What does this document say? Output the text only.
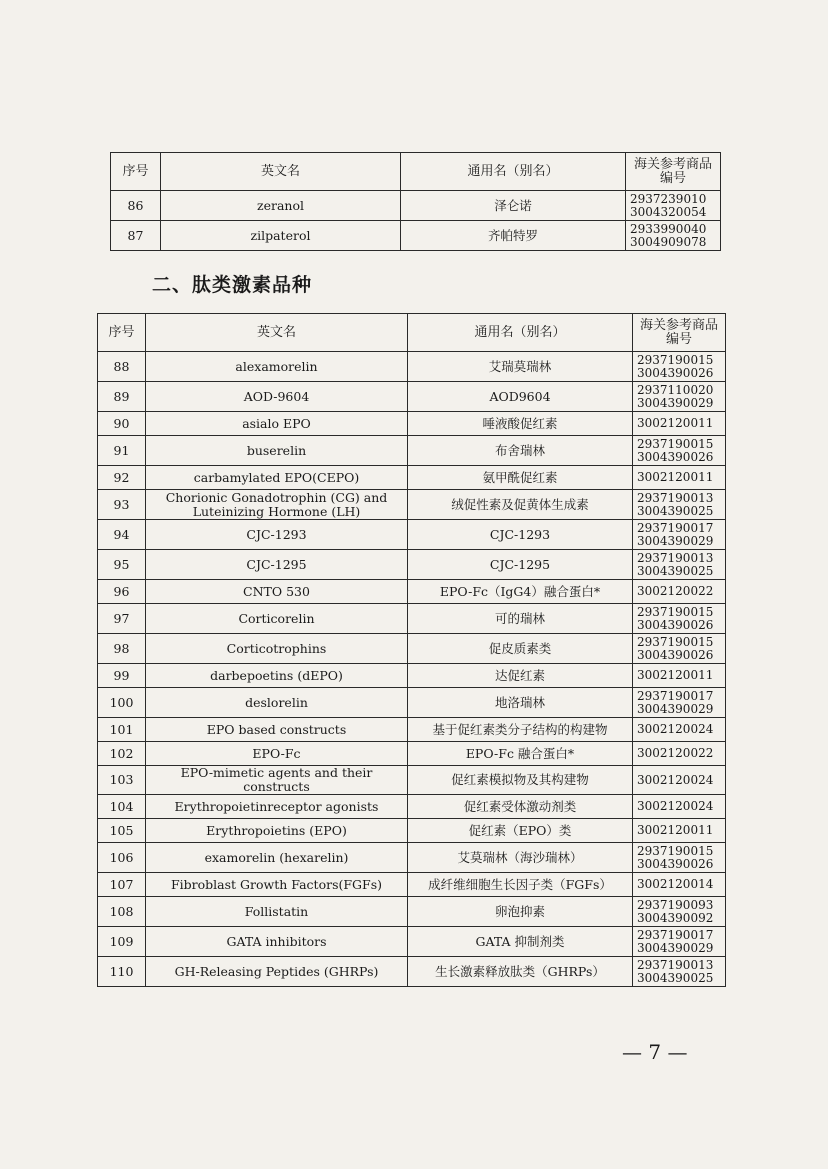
序号	英文名	通用名（别名）	海关参考商品编号
86	zeranol	泽仑诺	2937239010
3004320054

87	zilpaterol	齐帕特罗	2933990040
3004909078
二、肽类激素品种
序号	英文名	通用名（别名）	海关参考商品编号
88	alexamorelin	艾瑞莫瑞林	2937190015
3004390026

89	AOD-9604	AOD9604	2937110020
3004390029

90	asialo EPO	唾液酸促红素	3002120011

91	buserelin	布舍瑞林	2937190015
3004390026

92	carbamylated EPO(CEPO)	氨甲酰促红素	3002120011

93	Chorionic Gonadotrophin (CG) and Luteinizing Hormone (LH)	绒促性素及促黄体生成素	2937190013
3004390025

94	CJC-1293	CJC-1293	2937190017
3004390029

95	CJC-1295	CJC-1295	2937190013
3004390025

96	CNTO 530	EPO-Fc（IgG4）融合蛋白*	3002120022

97	Corticorelin	可的瑞林	2937190015
3004390026

98	Corticotrophins	促皮质素类	2937190015
3004390026

99	darbepoetins (dEPO)	达促红素	3002120011

100	deslorelin	地洛瑞林	2937190017
3004390029

101	EPO based constructs	基于促红素类分子结构的构建物	3002120024

102	EPO-Fc	EPO-Fc 融合蛋白*	3002120022

103	EPO-mimetic agents and their constructs	促红素模拟物及其构建物	3002120024

104	Erythropoietinreceptor agonists	促红素受体激动剂类	3002120024

105	Erythropoietins (EPO)	促红素（EPO）类	3002120011

106	examorelin (hexarelin)	艾莫瑞林（海沙瑞林）	2937190015
3004390026

107	Fibroblast Growth Factors(FGFs)	成纤维细胞生长因子类（FGFs）	3002120014

108	Follistatin	卵泡抑素	2937190093
3004390092

109	GATA inhibitors	GATA 抑制剂类	2937190017
3004390029

110	GH-Releasing Peptides (GHRPs)	生长激素释放肽类（GHRPs）	2937190013
3004390025
— 7 —
